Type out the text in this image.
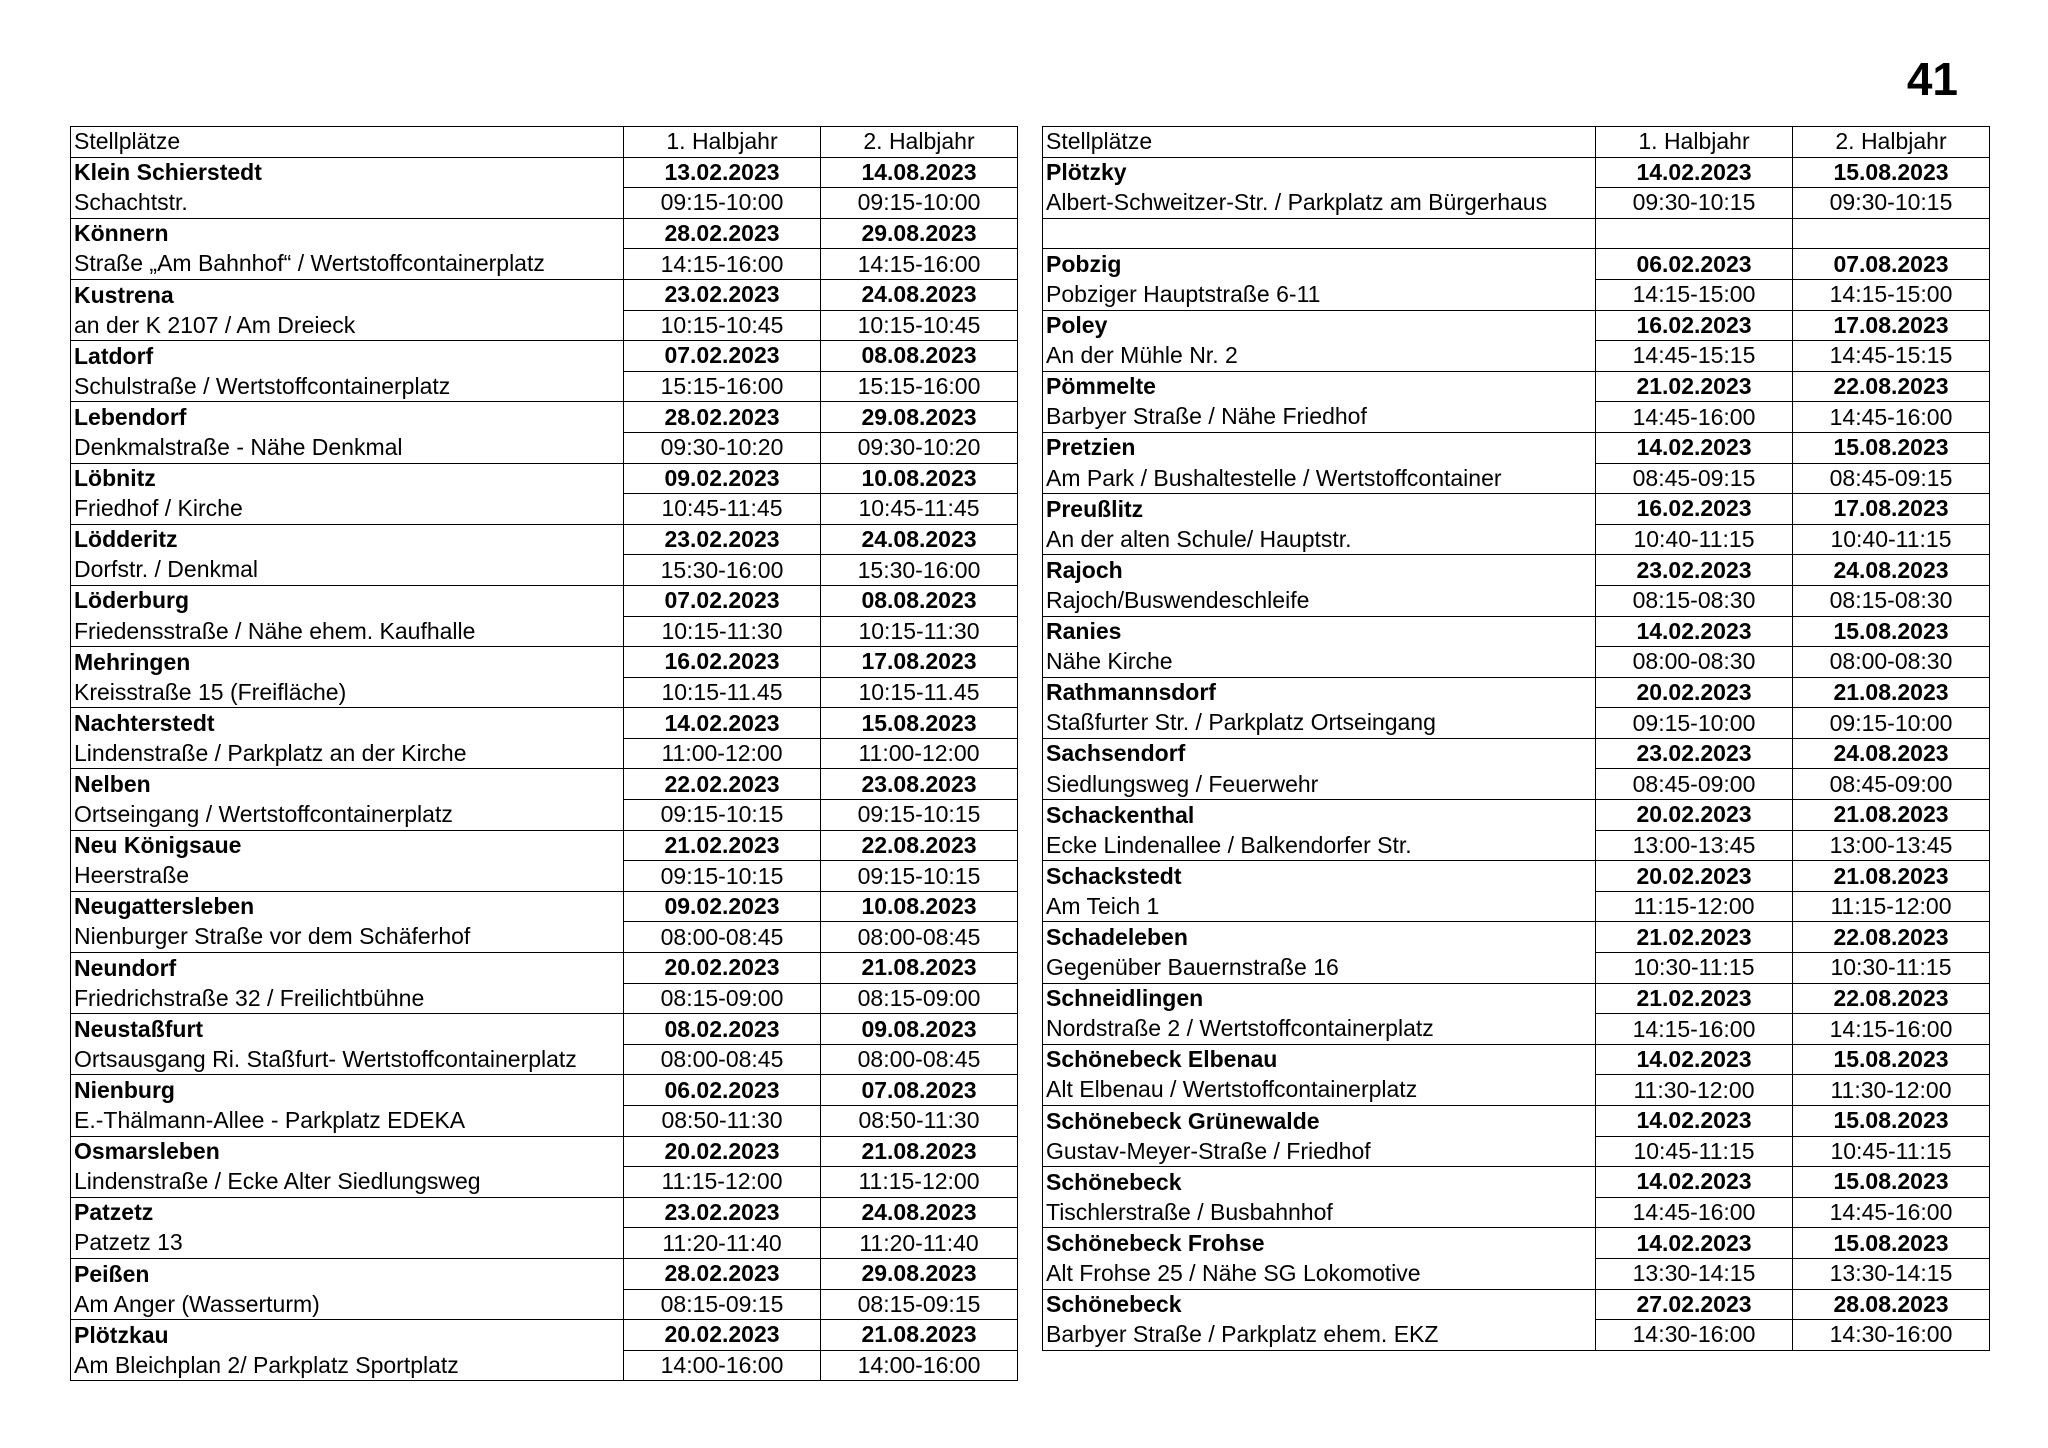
41
Stellplätze	1. Halbjahr	2. Halbjahr
Klein Schierstedt	13.02.2023	14.08.2023
Schachtstr.	09:15-10:00	09:15-10:00
Könnern	28.02.2023	29.08.2023
Straße „Am Bahnhof“ / Wertstoffcontainerplatz	14:15-16:00	14:15-16:00
Kustrena	23.02.2023	24.08.2023
an der K 2107 / Am Dreieck	10:15-10:45	10:15-10:45
Latdorf	07.02.2023	08.08.2023
Schulstraße / Wertstoffcontainerplatz	15:15-16:00	15:15-16:00
Lebendorf	28.02.2023	29.08.2023
Denkmalstraße - Nähe Denkmal	09:30-10:20	09:30-10:20
Löbnitz	09.02.2023	10.08.2023
Friedhof / Kirche	10:45-11:45	10:45-11:45
Lödderitz	23.02.2023	24.08.2023
Dorfstr. / Denkmal	15:30-16:00	15:30-16:00
Löderburg	07.02.2023	08.08.2023
Friedensstraße / Nähe ehem. Kaufhalle	10:15-11:30	10:15-11:30
Mehringen	16.02.2023	17.08.2023
Kreisstraße 15 (Freifläche)	10:15-11.45	10:15-11.45
Nachterstedt	14.02.2023	15.08.2023
Lindenstraße / Parkplatz an der Kirche	11:00-12:00	11:00-12:00
Nelben	22.02.2023	23.08.2023
Ortseingang / Wertstoffcontainerplatz	09:15-10:15	09:15-10:15
Neu Königsaue	21.02.2023	22.08.2023
Heerstraße	09:15-10:15	09:15-10:15
Neugattersleben	09.02.2023	10.08.2023
Nienburger Straße vor dem Schäferhof	08:00-08:45	08:00-08:45
Neundorf	20.02.2023	21.08.2023
Friedrichstraße 32 / Freilichtbühne	08:15-09:00	08:15-09:00
Neustaßfurt	08.02.2023	09.08.2023
Ortsausgang Ri. Staßfurt- Wertstoffcontainerplatz	08:00-08:45	08:00-08:45
Nienburg	06.02.2023	07.08.2023
E.-Thälmann-Allee - Parkplatz EDEKA	08:50-11:30	08:50-11:30
Osmarsleben	20.02.2023	21.08.2023
Lindenstraße / Ecke Alter Siedlungsweg	11:15-12:00	11:15-12:00
Patzetz	23.02.2023	24.08.2023
Patzetz 13	11:20-11:40	11:20-11:40
Peißen	28.02.2023	29.08.2023
Am Anger (Wasserturm)	08:15-09:15	08:15-09:15
Plötzkau	20.02.2023	21.08.2023
Am Bleichplan 2/ Parkplatz Sportplatz	14:00-16:00	14:00-16:00
Stellplätze	1. Halbjahr	2. Halbjahr
Plötzky	14.02.2023	15.08.2023
Albert-Schweitzer-Str. / Parkplatz am Bürgerhaus	09:30-10:15	09:30-10:15

Pobzig	06.02.2023	07.08.2023
Pobziger Hauptstraße 6-11	14:15-15:00	14:15-15:00
Poley	16.02.2023	17.08.2023
An der Mühle Nr. 2	14:45-15:15	14:45-15:15
Pömmelte	21.02.2023	22.08.2023
Barbyer Straße / Nähe Friedhof	14:45-16:00	14:45-16:00
Pretzien	14.02.2023	15.08.2023
Am Park / Bushaltestelle / Wertstoffcontainer	08:45-09:15	08:45-09:15
Preußlitz	16.02.2023	17.08.2023
An der alten Schule/ Hauptstr.	10:40-11:15	10:40-11:15
Rajoch	23.02.2023	24.08.2023
Rajoch/Buswendeschleife	08:15-08:30	08:15-08:30
Ranies	14.02.2023	15.08.2023
Nähe Kirche	08:00-08:30	08:00-08:30
Rathmannsdorf	20.02.2023	21.08.2023
Staßfurter Str. / Parkplatz Ortseingang	09:15-10:00	09:15-10:00
Sachsendorf	23.02.2023	24.08.2023
Siedlungsweg / Feuerwehr	08:45-09:00	08:45-09:00
Schackenthal	20.02.2023	21.08.2023
Ecke Lindenallee / Balkendorfer Str.	13:00-13:45	13:00-13:45
Schackstedt	20.02.2023	21.08.2023
Am Teich 1	11:15-12:00	11:15-12:00
Schadeleben	21.02.2023	22.08.2023
Gegenüber Bauernstraße 16	10:30-11:15	10:30-11:15
Schneidlingen	21.02.2023	22.08.2023
Nordstraße 2 / Wertstoffcontainerplatz	14:15-16:00	14:15-16:00
Schönebeck Elbenau	14.02.2023	15.08.2023
Alt Elbenau / Wertstoffcontainerplatz	11:30-12:00	11:30-12:00
Schönebeck Grünewalde	14.02.2023	15.08.2023
Gustav-Meyer-Straße / Friedhof	10:45-11:15	10:45-11:15
Schönebeck	14.02.2023	15.08.2023
Tischlerstraße / Busbahnhof	14:45-16:00	14:45-16:00
Schönebeck Frohse	14.02.2023	15.08.2023
Alt Frohse 25 / Nähe SG Lokomotive	13:30-14:15	13:30-14:15
Schönebeck	27.02.2023	28.08.2023
Barbyer Straße / Parkplatz ehem. EKZ	14:30-16:00	14:30-16:00
